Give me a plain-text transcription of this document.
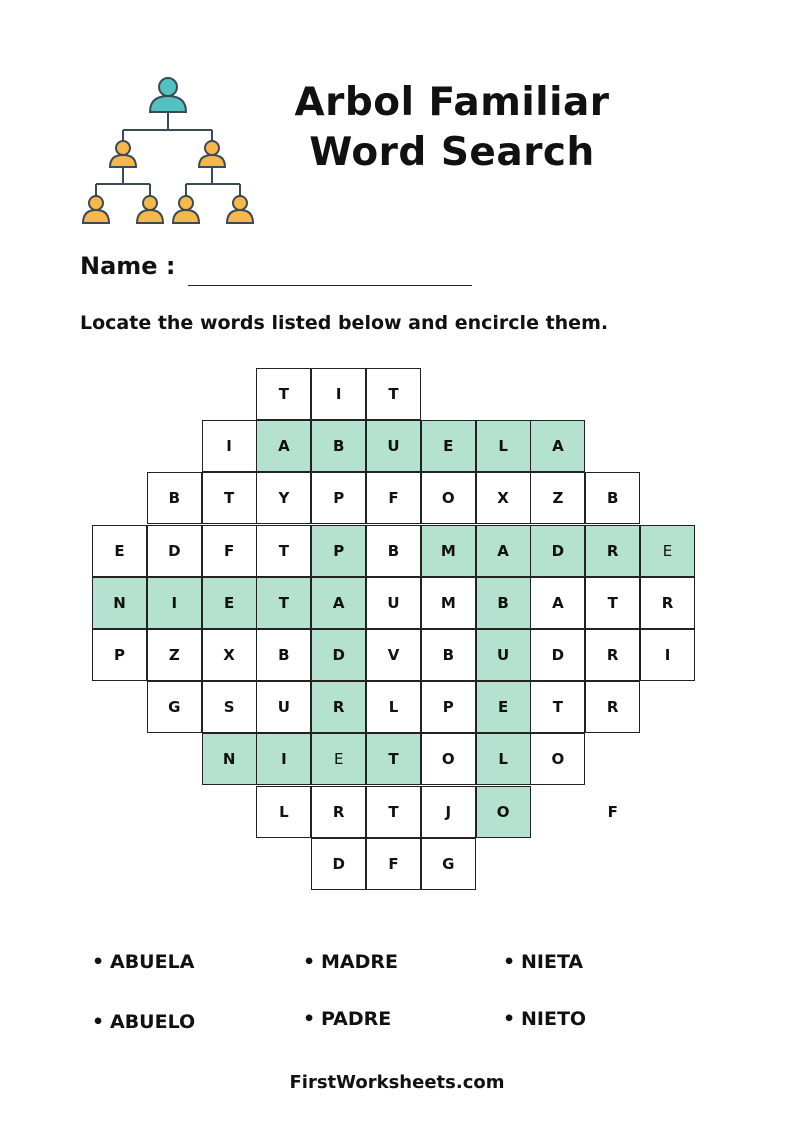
Arbol Familiar
Word Search
Name :
Locate the words listed below and encircle them.
T	I	T
I	A	B	U	E	L	A
B	T	Y	P	F	O	X	Z	B
E	D	F	T	P	B	M	A	D	R	E
N	I	E	T	A	U	M	B	A	T	R
P	Z	X	B	D	V	B	U	D	R	I
G	S	U	R	L	P	E	T	R
N	I	E	T	O	L	O
L	R	T	J	O
D	F	G
F
• ABUELA	• MADRE	• NIETA
• ABUELO	• PADRE	• NIETO
FirstWorksheets.com
